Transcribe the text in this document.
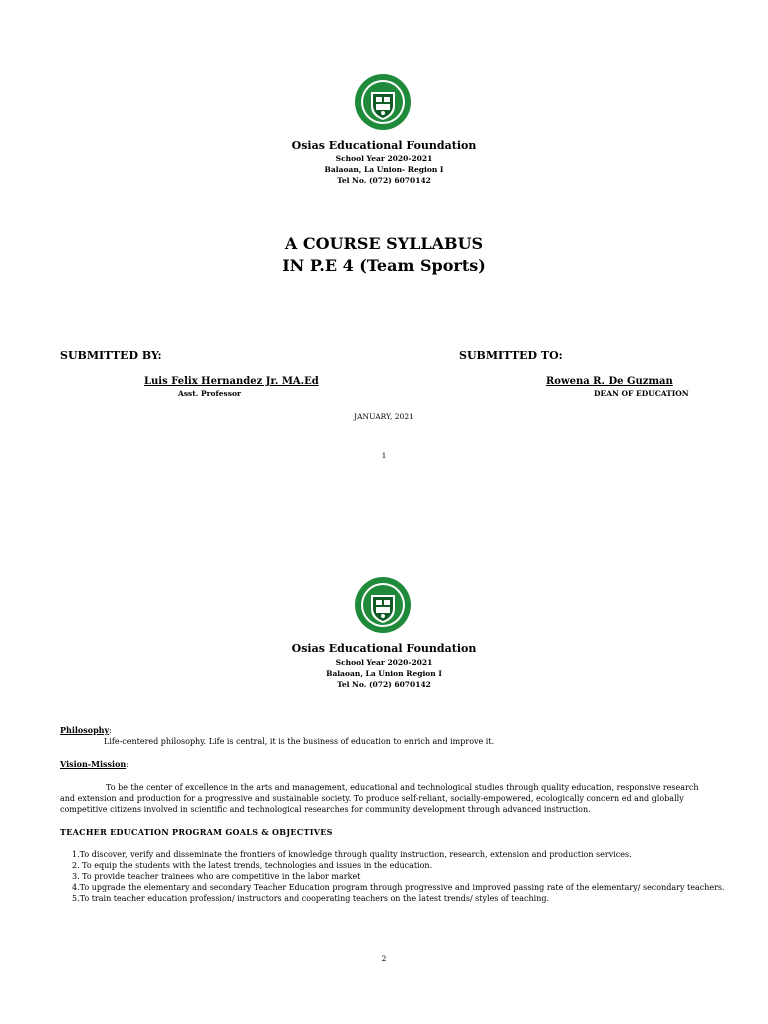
Osias Educational Foundation
School Year 2020-2021
Balaoan, La Union- Region I
Tel No. (072) 6070142
A COURSE SYLLABUS
IN P.E 4 (Team Sports)
SUBMITTED BY:	SUBMITTED TO:
Luis Felix Hernandez Jr. MA.Ed
Asst. Professor
Rowena R. De Guzman
DEAN OF EDUCATION
JANUARY, 2021
1
Osias Educational Foundation
School Year 2020-2021
Balaoan, La Union Region I
Tel No. (072) 6070142
Philosophy:
Life-centered philosophy. Life is central, it is the business of education to enrich and improve it.
Vision-Mission:
To be the center of excellence in the arts and management, educational and technological studies through quality education, responsive research and extension and production for a progressive and sustainable society. To produce self-reliant, socially-empowered, ecologically concern ed and globally competitive citizens involved in scientific and technological researches for community development through advanced instruction.
TEACHER EDUCATION PROGRAM GOALS & OBJECTIVES
1.To discover, verify and disseminate the frontiers of knowledge through quality instruction, research, extension and production services.
2. To equip the students with the latest trends, technologies and issues in the education.
3. To provide teacher trainees who are competitive in the labor market
4.To upgrade the elementary and secondary Teacher Education program through progressive and improved passing rate of the elementary/ secondary teachers.
5.To train teacher education profession/ instructors and cooperating teachers on the latest trends/ styles of teaching.
2
